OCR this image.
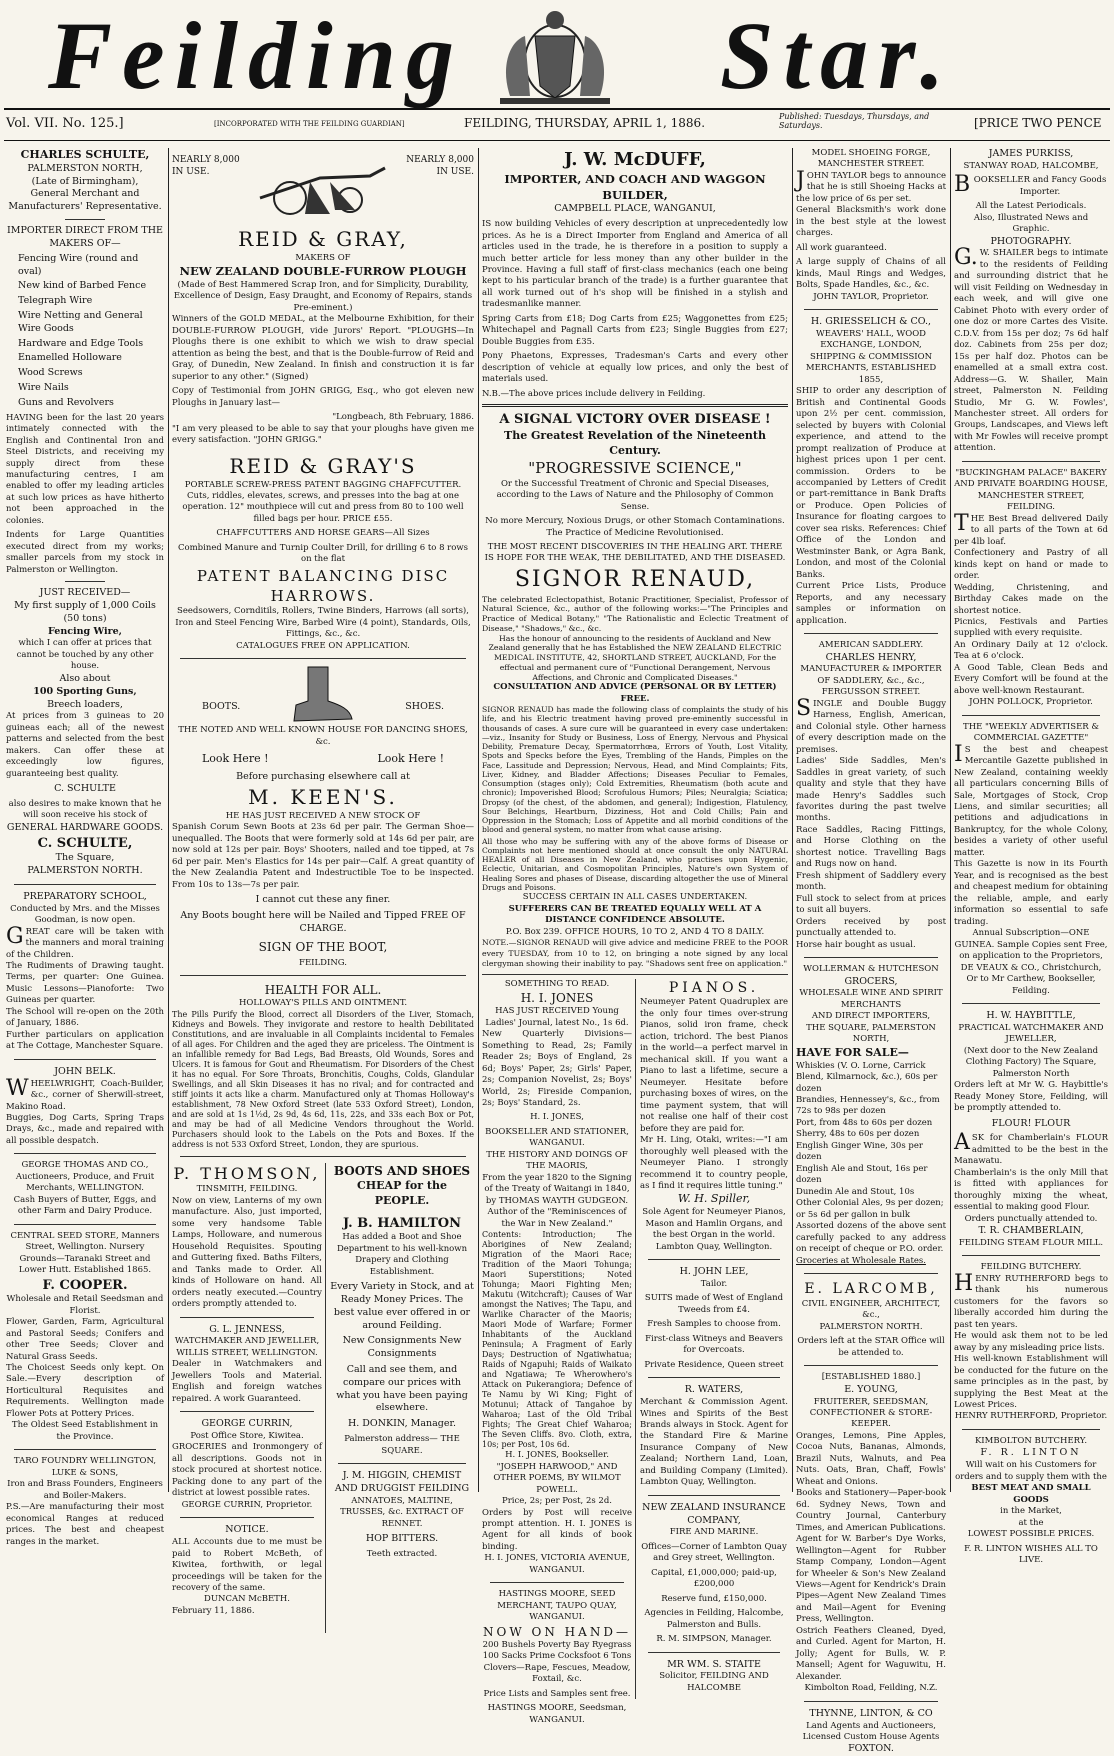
Feilding	Star.
Vol. VII. No. 125.]	[INCORPORATED WITH THE FEILDING GUARDIAN]	FEILDING, THURSDAY, APRIL 1, 1886.	Published: Tuesdays, Thursdays, and Saturdays.	[PRICE TWO PENCE
CHARLES SCHULTE,
PALMERSTON NORTH,
(Late of Birmingham),
General Merchant and Manufacturers' Representative.
IMPORTER DIRECT FROM THE MAKERS OF—
Fencing Wire (round and oval)
New kind of Barbed Fence
Telegraph Wire
Wire Netting and General Wire Goods
Hardware and Edge Tools
Enamelled Holloware
Wood Screws
Wire Nails
Guns and Revolvers
HAVING been for the last 20 years intimately connected with the English and Continental Iron and Steel Districts, and receiving my supply direct from these manufacturing centres, I am enabled to offer my leading articles at such low prices as have hitherto not been approached in the colonies.
Indents for Large Quantities executed direct from my works; smaller parcels from my stock in Palmerston or Wellington.
JUST RECEIVED—
My first supply of 1,000 Coils (50 tons)
Fencing Wire,
which I can offer at prices that cannot be touched by any other house.
Also about
100 Sporting Guns,
Breech loaders,
At prices from 3 guineas to 20 guineas each; all of the newest patterns and selected from the best makers. Can offer these at exceedingly low figures, guaranteeing best quality.
C. SCHULTE
also desires to make known that he will soon receive his stock of
GENERAL HARDWARE GOODS.
C. SCHULTE,
The Square,
PALMERSTON NORTH.
PREPARATORY SCHOOL,
Conducted by Mrs. and the Misses Goodman, is now open.
GREAT care will be taken with the manners and moral training of the Children.
The Rudiments of Drawing taught. Terms, per quarter: One Guinea. Music Lessons—Pianoforte: Two Guineas per quarter.
The School will re-open on the 20th of January, 1886.
Further particulars on application at The Cottage, Manchester Square.
JOHN BELK.
WHEELWRIGHT, Coach-Builder, &c., corner of Sherwill-street, Makino Road.
Buggies, Dog Carts, Spring Traps Drays, &c., made and repaired with all possible despatch.
GEORGE THOMAS AND CO., Auctioneers, Produce, and Fruit Merchants, WELLINGTON.
Cash Buyers of Butter, Eggs, and other Farm and Dairy Produce.
CENTRAL SEED STORE, Manners Street, Wellington. Nursery Grounds—Taranaki Street and Lower Hutt. Established 1865.
F. COOPER.
Wholesale and Retail Seedsman and Florist.
Flower, Garden, Farm, Agricultural and Pastoral Seeds; Conifers and other Tree Seeds; Clover and Natural Grass Seeds.
The Choicest Seeds only kept. On Sale.—Every description of Horticultural Requisites and Requirements. Wellington made Flower Pots at Pottery Prices.
The Oldest Seed Establishment in the Province.
TARO FOUNDRY WELLINGTON, LUKE & SONS,
Iron and Brass Founders, Engineers and Boiler-Makers.
P.S.—Are manufacturing their most economical Ranges at reduced prices. The best and cheapest ranges in the market.
NEARLY 8,000 IN USE.
NEARLY 8,000 IN USE.
REID & GRAY,
MAKERS OF
NEW ZEALAND DOUBLE-FURROW PLOUGH
(Made of Best Hammered Scrap Iron, and for Simplicity, Durability, Excellence of Design, Easy Draught, and Economy of Repairs, stands Pre-eminent.)
Winners of the GOLD MEDAL, at the Melbourne Exhibition, for their DOUBLE-FURROW PLOUGH, vide Jurors' Report. "PLOUGHS—In Ploughs there is one exhibit to which we wish to draw special attention as being the best, and that is the Double-furrow of Reid and Gray, of Dunedin, New Zealand. In finish and construction it is far superior to any other." (Signed)
Copy of Testimonial from JOHN GRIGG, Esq., who got eleven new Ploughs in January last—
"Longbeach, 8th February, 1886.
"I am very pleased to be able to say that your ploughs have given me every satisfaction. "JOHN GRIGG."
REID & GRAY'S
PORTABLE SCREW-PRESS PATENT BAGGING CHAFFCUTTER.
Cuts, riddles, elevates, screws, and presses into the bag at one operation. 12" mouthpiece will cut and press from 80 to 100 well filled bags per hour. PRICE £55.
CHAFFCUTTERS AND HORSE GEARS—All Sizes
Combined Manure and Turnip Coulter Drill, for drilling 6 to 8 rows on the flat
PATENT BALANCING DISC HARROWS.
Seedsowers, Cornditils, Rollers, Twine Binders, Harrows (all sorts), Iron and Steel Fencing Wire, Barbed Wire (4 point), Standards, Oils, Fittings, &c., &c.
CATALOGUES FREE ON APPLICATION.
BOOTS.	SHOES.
THE NOTED AND WELL KNOWN HOUSE FOR DANCING SHOES, &c.
Look Here !	Look Here !
Before purchasing elsewhere call at
M. KEEN'S.
HE HAS JUST RECEIVED A NEW STOCK OF
Spanish Corum Sewn Boots at 23s 6d per pair. The German Shoe—unequalled. The Boots that were formerly sold at 14s 6d per pair, are now sold at 12s per pair. Boys' Shooters, nailed and toe tipped, at 7s 6d per pair. Men's Elastics for 14s per pair—Calf. A great quantity of the New Zealandia Patent and Indestructible Toe to be inspected. From 10s to 13s—7s per pair.
I cannot cut these any finer.
Any Boots bought here will be Nailed and Tipped FREE OF CHARGE.
SIGN OF THE BOOT,
FEILDING.
HEALTH FOR ALL.
HOLLOWAY'S PILLS AND OINTMENT.
The Pills Purify the Blood, correct all Disorders of the Liver, Stomach, Kidneys and Bowels. They invigorate and restore to health Debilitated Constitutions, and are invaluable in all Complaints incidental to Females of all ages. For Children and the aged they are priceless. The Ointment is an infallible remedy for Bad Legs, Bad Breasts, Old Wounds, Sores and Ulcers. It is famous for Gout and Rheumatism. For Disorders of the Chest it has no equal. For Sore Throats, Bronchitis, Coughs, Colds, Glandular Swellings, and all Skin Diseases it has no rival; and for contracted and stiff joints it acts like a charm. Manufactured only at Thomas Holloway's establishment, 78 New Oxford Street (late 533 Oxford Street), London, and are sold at 1s 1½d, 2s 9d, 4s 6d, 11s, 22s, and 33s each Box or Pot, and may be had of all Medicine Vendors throughout the World. Purchasers should look to the Labels on the Pots and Boxes. If the address is not 533 Oxford Street, London, they are spurious.
P. THOMSON,
TINSMITH, FEILDING.
Now on view, Lanterns of my own manufacture. Also, just imported, some very handsome Table Lamps, Holloware, and numerous Household Requisites. Spouting and Guttering fixed. Baths Filters, and Tanks made to Order. All kinds of Holloware on hand. All orders neatly executed.—Country orders promptly attended to.
G. L. JENNESS,
WATCHMAKER AND JEWELLER, WILLIS STREET, WELLINGTON.
Dealer in Watchmakers and Jewellers Tools and Material. English and foreign watches repaired. A work Guaranteed.
GEORGE CURRIN,
Post Office Store, Kiwitea.
GROCERIES and Ironmongery of all descriptions. Goods not in stock procured at shortest notice. Packing done to any part of the district at lowest possible rates.
GEORGE CURRIN, Proprietor.
NOTICE.
ALL Accounts due to me must be paid to Robert McBeth, of Kiwitea, forthwith, or legal proceedings will be taken for the recovery of the same.
DUNCAN McBETH.
February 11, 1886.
BOOTS AND SHOES
CHEAP for the PEOPLE.
J. B. HAMILTON
Has added a Boot and Shoe Department to his well-known Drapery and Clothing Establishment.
Every Variety in Stock, and at Ready Money Prices. The best value ever offered in or around Feilding.
New Consignments New Consignments
Call and see them, and compare our prices with what you have been paying elsewhere.
H. DONKIN, Manager.
Palmerston address— THE SQUARE.
J. M. HIGGIN, CHEMIST AND DRUGGIST FEILDING
ANNATOES, MALTINE, TRUSSES, &c. EXTRACT OF RENNET.
HOP BITTERS.
Teeth extracted.
J. W. McDUFF,
IMPORTER, AND COACH AND WAGGON BUILDER,
CAMPBELL PLACE, WANGANUI,
IS now building Vehicles of every description at unprecedentedly low prices. As he is a Direct Importer from England and America of all articles used in the trade, he is therefore in a position to supply a much better article for less money than any other builder in the Province. Having a full staff of first-class mechanics (each one being kept to his particular branch of the trade) is a further guarantee that all work turned out of h's shop will be finished in a stylish and tradesmanlike manner.
Spring Carts from £18; Dog Carts from £25; Waggonettes from £25; Whitechapel and Pagnall Carts from £23; Single Buggies from £27; Double Buggies from £35.
Pony Phaetons, Expresses, Tradesman's Carts and every other description of vehicle at equally low prices, and only the best of materials used.
N.B.—The above prices include delivery in Feilding.
A SIGNAL VICTORY OVER DISEASE !
The Greatest Revelation of the Nineteenth Century.
"PROGRESSIVE SCIENCE,"
Or the Successful Treatment of Chronic and Special Diseases, according to the Laws of Nature and the Philosophy of Common Sense.
No more Mercury, Noxious Drugs, or other Stomach Contaminations. The Practice of Medicine Revolutionised.
THE MOST RECENT DISCOVERIES IN THE HEALING ART. THERE IS HOPE FOR THE WEAK, THE DEBILITATED, AND THE DISEASED.
SIGNOR RENAUD,
The celebrated Eclectopathist, Botanic Practitioner, Specialist, Professor of Natural Science, &c., author of the following works:—"The Principles and Practice of Medical Botany," "The Rationalistic and Eclectic Treatment of Disease," "Shadows," &c., &c.
Has the honour of announcing to the residents of Auckland and New Zealand generally that he has Established the NEW ZEALAND ELECTRIC MEDICAL INSTITUTE, 42, SHORTLAND STREET, AUCKLAND, For the effectual and permanent cure of "Functional Derangement, Nervous Affections, and Chronic and Complicated Diseases."
CONSULTATION AND ADVICE (PERSONAL OR BY LETTER) FREE.
SIGNOR RENAUD has made the following class of complaints the study of his life, and his Electric treatment having proved pre-eminently successful in thousands of cases. A sure cure will be guaranteed in every case undertaken:—viz., Insanity for Study or Business, Loss of Energy, Nervous and Physical Debility, Premature Decay, Spermatorrhœa, Errors of Youth, Lost Vitality, Spots and Specks before the Eyes, Trembling of the Hands, Pimples on the Face, Lassitude and Depression; Nervous, Head, and Mind Complaints; Fits, Liver, Kidney, and Bladder Affections; Diseases Peculiar to Females, Consumption (stages only); Cold Extremities, Rheumatism (both acute and chronic); Impoverished Blood; Scrofulous Humors; Piles; Neuralgia; Sciatica; Dropsy (of the chest, of the abdomen, and general); Indigestion, Flatulency, Sour Belchings, Heartburn, Dizziness, Hot and Cold Chills; Pain and Oppression in the Stomach; Loss of Appetite and all morbid conditions of the blood and general system, no matter from what cause arising.
All those who may be suffering with any of the above forms of Disease or Complaints not here mentioned should at once consult the only NATURAL HEALER of all Diseases in New Zealand, who practises upon Hygenic, Eclectic, Unitarian, and Cosmopolitan Principles, Nature's own System of Healing Sores and phases of Disease, discarding altogether the use of Mineral Drugs and Poisons.
SUCCESS CERTAIN IN ALL CASES UNDERTAKEN.
SUFFERERS CAN BE TREATED EQUALLY WELL AT A DISTANCE CONFIDENCE ABSOLUTE.
P.O. Box 239. OFFICE HOURS, 10 TO 2, AND 4 TO 8 DAILY.
NOTE.—SIGNOR RENAUD will give advice and medicine FREE to the POOR every TUESDAY, from 10 to 12, on bringing a note signed by any local clergyman showing their inability to pay. "Shadows sent free on application."
SOMETHING TO READ.
H. I. JONES
HAS JUST RECEIVED Young Ladies' Journal, latest No., 1s 6d.
New Quarterly Divisions— Something to Read, 2s; Family Reader 2s; Boys of England, 2s 6d; Boys' Paper, 2s; Girls' Paper, 2s; Companion Novelist, 2s; Boys' World, 2s; Fireside Companion, 2s; Boys' Standard, 2s.
H. I. JONES,
BOOKSELLER AND STATIONER, WANGANUI.
THE HISTORY AND DOINGS OF THE MAORIS,
From the year 1820 to the Signing of the Treaty of Waitangi in 1840, by THOMAS WAYTH GUDGEON. Author of the "Reminiscences of the War in New Zealand."
Contents: Introduction; The Aborigines of New Zealand; Migration of the Maori Race; Tradition of the Maori Tohunga; Maori Superstitions; Noted Tohunga; Maori Fighting Men; Makutu (Witchcraft); Causes of War amongst the Natives; The Tapu, and Warlike Character of the Maoris; Maori Mode of Warfare; Former Inhabitants of the Auckland Peninsula; A Fragment of Early Days; Destruction of Ngatiwhatua; Raids of Ngapuhi; Raids of Waikato and Ngatiawa; Te Wherowhero's Attack on Pukerangiora; Defence of Te Namu by Wi King; Fight of Motunui; Attack of Tangahoe by Waharoa; Last of the Old Tribal Fights; The Great Chief Waharoa; The Seven Cliffs. 8vo. Cloth, extra, 10s; per Post, 10s 6d.
H. I. JONES, Bookseller.
"JOSEPH HARWOOD," AND OTHER POEMS, BY WILMOT POWELL.
Price, 2s; per Post, 2s 2d.
Orders by Post will receive prompt attention. H. I. JONES is Agent for all kinds of book binding.
H. I. JONES, VICTORIA AVENUE, WANGANUI.
HASTINGS MOORE, SEED MERCHANT, TAUPO QUAY, WANGANUI.
NOW ON HAND—
200 Bushels Poverty Bay Ryegrass 100 Sacks Prime Cocksfoot 6 Tons Clovers—Rape, Fescues, Meadow, Foxtail, &c.
Price Lists and Samples sent free.
HASTINGS MOORE, Seedsman, WANGANUI.
PIANOS.
Neumeyer Patent Quadruplex are the only four times over-strung Pianos, solid iron frame, check action, trichord. The best Pianos in the world—a perfect marvel in mechanical skill. If you want a Piano to last a lifetime, secure a Neumeyer. Hesitate before purchasing boxes of wires, on the time payment system, that will not realise one half of their cost before they are paid for.
Mr H. Ling, Otaki, writes:—"I am thoroughly well pleased with the Neumeyer Piano. I strongly recommend it to country people, as I find it requires little tuning."
W. H. Spiller,
Sole Agent for Neumeyer Pianos, Mason and Hamlin Organs, and the best Organ in the world. Lambton Quay, Wellington.
H. JOHN LEE,
Tailor.
SUITS made of West of England Tweeds from £4.
Fresh Samples to choose from.
First-class Witneys and Beavers for Overcoats.
Private Residence, Queen street
R. WATERS,
Merchant & Commission Agent. Wines and Spirits of the Best Brands always in Stock. Agent for the Standard Fire & Marine Insurance Company of New Zealand; Northern Land, Loan, and Building Company (Limited). Lambton Quay, Wellington.
NEW ZEALAND INSURANCE COMPANY,
FIRE AND MARINE.
Offices—Corner of Lambton Quay and Grey street, Wellington.
Capital, £1,000,000; paid-up, £200,000
Reserve fund, £150,000.
Agencies in Feilding, Halcombe, Palmerston and Bulls.
R. M. SIMPSON, Manager.
MR WM. S. STAITE
Solicitor, FEILDING AND HALCOMBE
MODEL SHOEING FORGE,
MANCHESTER STREET.
JOHN TAYLOR begs to announce that he is still Shoeing Hacks at the low price of 6s per set.
General Blacksmith's work done in the best style at the lowest charges.
All work guaranteed.
A large supply of Chains of all kinds, Maul Rings and Wedges, Bolts, Spade Handles, &c., &c.
JOHN TAYLOR, Proprietor.
H. GRIESSELICH & CO.,
WEAVERS' HALL, WOOD EXCHANGE, LONDON,
SHIPPING & COMMISSION MERCHANTS, ESTABLISHED 1855,
SHIP to order any description of British and Continental Goods upon 2½ per cent. commission, selected by buyers with Colonial experience, and attend to the prompt realization of Produce at highest prices upon 1 per cent. commission. Orders to be accompanied by Letters of Credit or part-remittance in Bank Drafts or Produce. Open Policies of Insurance for floating cargoes to cover sea risks. References: Chief Office of the London and Westminster Bank, or Agra Bank, London, and most of the Colonial Banks.
Current Price Lists, Produce Reports, and any necessary samples or information on application.
AMERICAN SADDLERY.
CHARLES HENRY,
MANUFACTURER & IMPORTER OF SADDLERY, &c., &c.,
FERGUSSON STREET.
SINGLE and Double Buggy Harness, English, American, and Colonial style. Other harness of every description made on the premises.
Ladies' Side Saddles, Men's Saddles in great variety, of such quality and style that they have made Henry's Saddles such favorites during the past twelve months.
Race Saddles, Racing Fittings, and Horse Clothing on the shortest notice. Travelling Bags and Rugs now on hand.
Fresh shipment of Saddlery every month.
Full stock to select from at prices to suit all buyers.
Orders received by post punctually attended to.
Horse hair bought as usual.
WOLLERMAN & HUTCHESON
GROCERS,
WHOLESALE WINE AND SPIRIT MERCHANTS
AND DIRECT IMPORTERS,
THE SQUARE, PALMERSTON NORTH,
HAVE FOR SALE—
Whiskies (V. O. Lorne, Carrick Blend, Kilmarnock, &c.), 60s per dozen
Brandies, Hennessey's, &c., from 72s to 98s per dozen
Port, from 48s to 60s per dozen
Sherry, 48s to 60s per dozen
English Ginger Wine, 30s per dozen
English Ale and Stout, 16s per dozen
Dunedin Ale and Stout, 10s
Other Colonial Ales, 9s per dozen; or 5s 6d per gallon in bulk
Assorted dozens of the above sent carefully packed to any address on receipt of cheque or P.O. order.
Groceries at Wholesale Rates.
E. LARCOMB,
CIVIL ENGINEER, ARCHITECT, &c.,
PALMERSTON NORTH.
Orders left at the STAR Office will be attended to.
[ESTABLISHED 1880.]
E. YOUNG,
FRUITERER, SEEDSMAN, CONFECTIONER & STORE-KEEPER.
Oranges, Lemons, Pine Apples, Cocoa Nuts, Bananas, Almonds, Brazil Nuts, Walnuts, and Pea Nuts. Oats, Bran, Chaff, Fowls' Wheat and Onions.
Books and Stationery—Paper-book 6d. Sydney News, Town and Country Journal, Canterbury Times, and American Publications.
Agent for W. Barber's Dye Works, Wellington—Agent for Rubber Stamp Company, London—Agent for Wheeler & Son's New Zealand Views—Agent for Kendrick's Drain Pipes—Agent New Zealand Times and Mail—Agent for Evening Press, Wellington.
Ostrich Feathers Cleaned, Dyed, and Curled. Agent for Marton, H. Jolly; Agent for Bulls, W. P. Mansell; Agent for Waguwitu, H. Alexander.
Kimbolton Road, Feilding, N.Z.
THYNNE, LINTON, & CO
Land Agents and Auctioneers,
Licensed Custom House Agents
FOXTON.
JAMES PURKISS,
STANWAY ROAD, HALCOMBE,
BOOKSELLER and Fancy Goods Importer.
All the Latest Periodicals.
Also, Illustrated News and Graphic.
PHOTOGRAPHY.
G.W. SHAILER begs to intimate to the residents of Feilding and surrounding district that he will visit Feilding on Wednesday in each week, and will give one Cabinet Photo with every order of one doz or more Cartes des Visite. C.D.V. from 15s per doz; 7s 6d half doz. Cabinets from 25s per doz; 15s per half doz. Photos can be enamelled at a small extra cost. Address—G. W. Shailer, Main street, Palmerston N. Feilding Studio, Mr G. W. Fowles', Manchester street. All orders for Groups, Landscapes, and Views left with Mr Fowles will receive prompt attention.
"BUCKINGHAM PALACE" BAKERY AND PRIVATE BOARDING HOUSE, MANCHESTER STREET, FEILDING.
THE Best Bread delivered Daily to all parts of the Town at 6d per 4lb loaf.
Confectionery and Pastry of all kinds kept on hand or made to order.
Wedding, Christening, and Birthday Cakes made on the shortest notice.
Picnics, Festivals and Parties supplied with every requisite.
An Ordinary Daily at 12 o'clock. Tea at 6 o'clock.
A Good Table, Clean Beds and Every Comfort will be found at the above well-known Restaurant.
JOHN POLLOCK, Proprietor.
THE "WEEKLY ADVERTISER & COMMERCIAL GAZETTE"
IS the best and cheapest Mercantile Gazette published in New Zealand, containing weekly all particulars concerning Bills of Sale, Mortgages of Stock, Crop Liens, and similar securities; all petitions and adjudications in Bankruptcy, for the whole Colony, besides a variety of other useful matter.
This Gazette is now in its Fourth Year, and is recognised as the best and cheapest medium for obtaining the reliable, ample, and early information so essential to safe trading.
Annual Subscription—ONE GUINEA. Sample Copies sent Free, on application to the Proprietors, DE VEAUX & CO., Christchurch, Or to Mr Carthew, Bookseller, Feilding.
H. W. HAYBITTLE,
PRACTICAL WATCHMAKER AND JEWELLER,
(Next door to the New Zealand Clothing Factory) The Square, Palmerston North
Orders left at Mr W. G. Haybittle's Ready Money Store, Feilding, will be promptly attended to.
FLOUR! FLOUR
ASK for Chamberlain's FLOUR admitted to be the best in the Manawatu.
Chamberlain's is the only Mill that is fitted with appliances for thoroughly mixing the wheat, essential to making good Flour.
Orders punctually attended to.
T. R. CHAMBERLAIN,
FEILDING STEAM FLOUR MILL.
FEILDING BUTCHERY.
HENRY RUTHERFORD begs to thank his numerous customers for the favors so liberally accorded him during the past ten years.
He would ask them not to be led away by any misleading price lists.
His well-known Establishment will be conducted for the future on the same principles as in the past, by supplying the Best Meat at the Lowest Prices.
HENRY RUTHERFORD, Proprietor.
KIMBOLTON BUTCHERY.
F. R. LINTON
Will wait on his Customers for orders and to supply them with the
BEST MEAT AND SMALL GOODS
in the Market,
at the
LOWEST POSSIBLE PRICES.
F. R. LINTON WISHES ALL TO LIVE.
